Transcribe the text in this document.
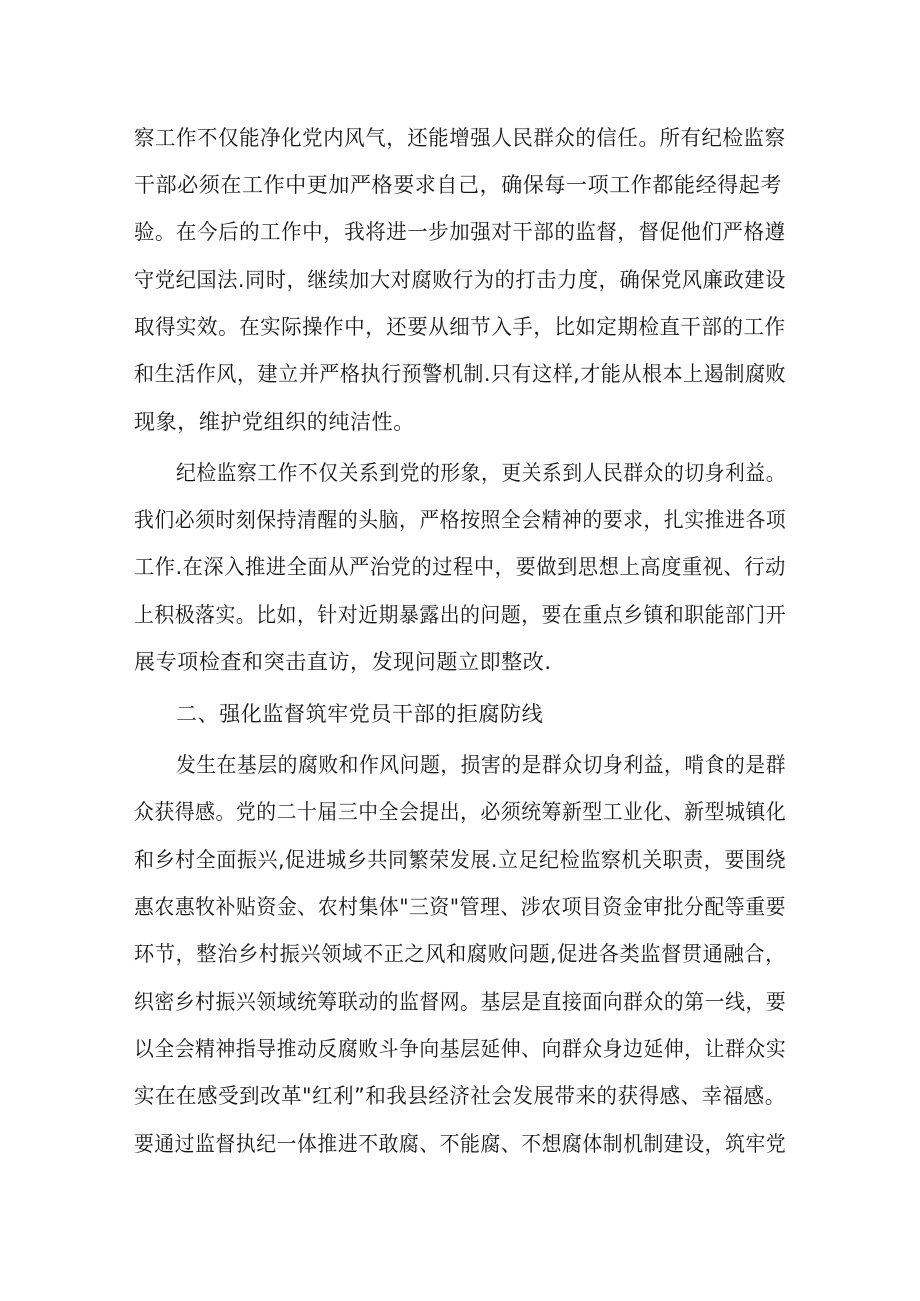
察工作不仅能净化党内风气，还能增强人民群众的信任。所有纪检监察
干部必须在工作中更加严格要求自己，确保每一项工作都能经得起考
验。在今后的工作中，我将进一步加强对干部的监督，督促他们严格遵
守党纪国法.同时，继续加大对腐败行为的打击力度，确保党风廉政建设
取得实效。在实际操作中，还要从细节入手，比如定期检直干部的工作
和生活作风，建立并严格执行预警机制.只有这样,才能从根本上遏制腐败
现象，维护党组织的纯洁性。
纪检监察工作不仅关系到党的形象，更关系到人民群众的切身利益。
我们必须时刻保持清醒的头脑，严格按照全会精神的要求，扎实推进各项
工作.在深入推进全面从严治党的过程中，要做到思想上高度重视、行动
上积极落实。比如，针对近期暴露出的问题，要在重点乡镇和职能部门开
展专项检査和突击直访，发现问题立即整改.
二、强化监督筑牢党员干部的拒腐防线
发生在基层的腐败和作风问题，损害的是群众切身利益，啃食的是群
众获得感。党的二十届三中全会提出，必须统筹新型工业化、新型城镇化
和乡村全面振兴,促进城乡共同繁荣发展.立足纪检监察机关职责，要围绕
惠农惠牧补贴资金、农村集体"三资"管理、涉农项目资金审批分配等重要
环节，整治乡村振兴领域不正之风和腐败问题,促进各类监督贯通融合，
织密乡村振兴领域统筹联动的监督网。基层是直接面向群众的第一线，要
以全会精神指导推动反腐败斗争向基层延伸、向群众身边延伸，让群众实
实在在感受到改革"红利”和我县经济社会发展带来的获得感、幸福感。
要通过监督执纪一体推进不敢腐、不能腐、不想腐体制机制建设，筑牢党
